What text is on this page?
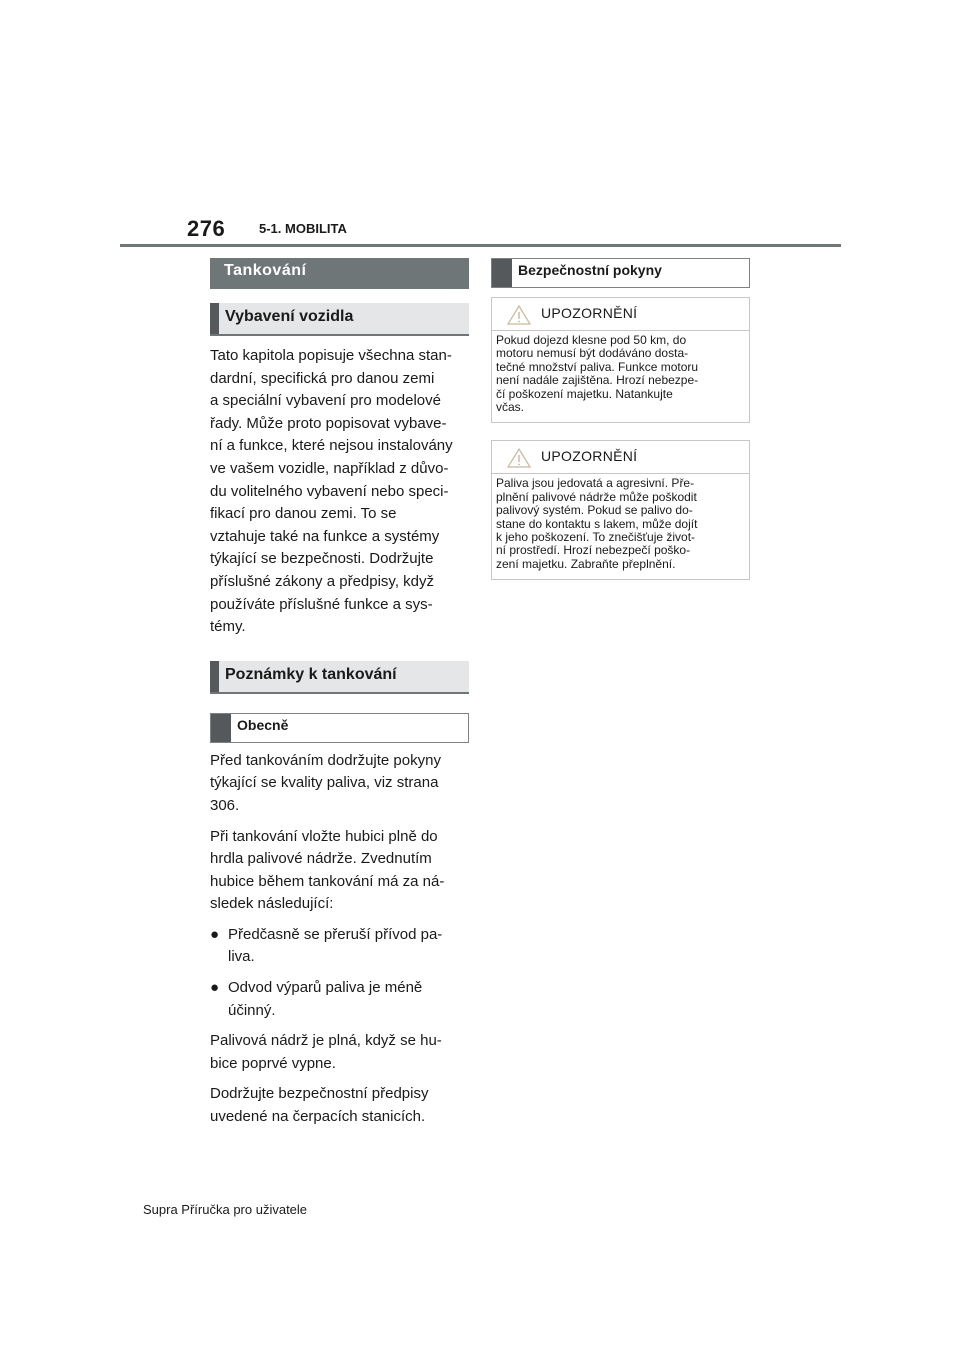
276	5-1. MOBILITA
Tankování
Vybavení vozidla

Tato kapitola popisuje všechna stan-
dardní, specifická pro danou zemi
a speciální vybavení pro modelové
řady. Může proto popisovat vybave-
ní a funkce, které nejsou instalovány
ve vašem vozidle, například z důvo-
du volitelného vybavení nebo speci-
fikací pro danou zemi. To se
vztahuje také na funkce a systémy
týkající se bezpečnosti. Dodržujte
příslušné zákony a předpisy, když
používáte příslušné funkce a sys-
témy.

Poznámky k tankování
Obecně

Před tankováním dodržujte pokyny
týkající se kvality paliva, viz strana
306.

Při tankování vložte hubici plně do
hrdla palivové nádrže. Zvednutím
hubice během tankování má za ná-
sledek následující:

● Předčasně se přeruší přívod pa-
liva.
● Odvod výparů paliva je méně
účinný.

Palivová nádrž je plná, když se hu-
bice poprvé vypne.

Dodržujte bezpečnostní předpisy
uvedené na čerpacích stanicích.

Bezpečnostní pokyny
UPOZORNĚNÍ
Pokud dojezd klesne pod 50 km, do
motoru nemusí být dodáváno dosta-
tečné množství paliva. Funkce motoru
není nadále zajištěna. Hrozí nebezpe-
čí poškození majetku. Natankujte
včas.
UPOZORNĚNÍ
Paliva jsou jedovatá a agresivní. Pře-
plnění palivové nádrže může poškodit
palivový systém. Pokud se palivo do-
stane do kontaktu s lakem, může dojít
k jeho poškození. To znečišťuje život-
ní prostředí. Hrozí nebezpečí poško-
zení majetku. Zabraňte přeplnění.
Supra Příručka pro uživatele
